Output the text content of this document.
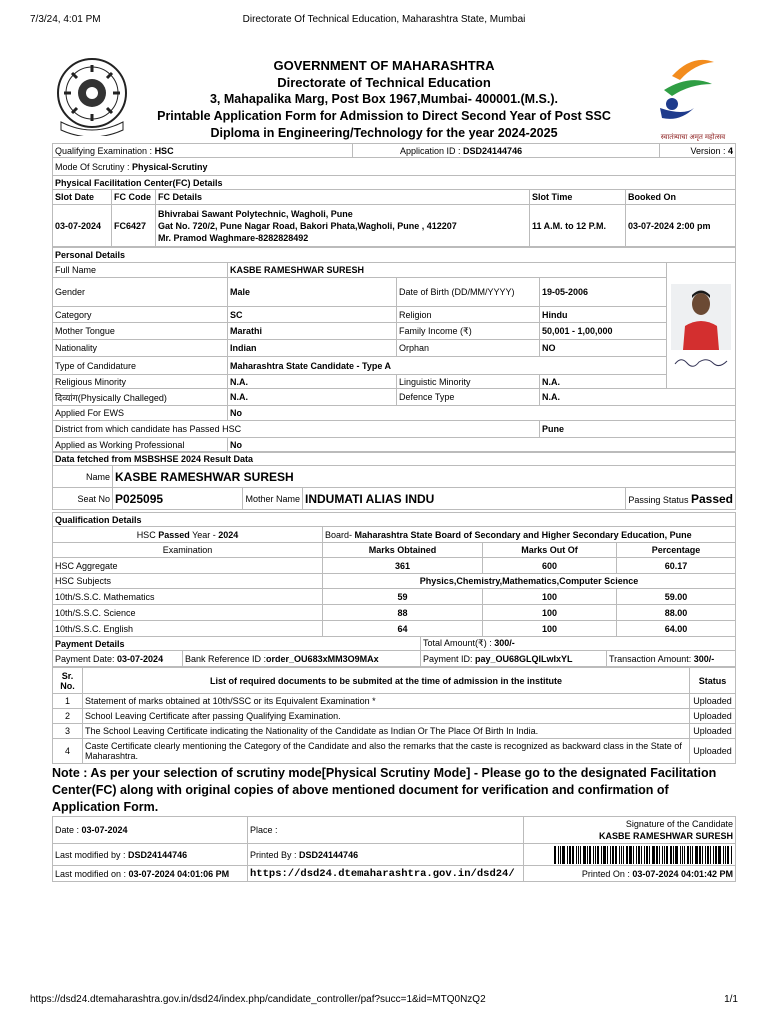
7/3/24, 4:01 PM	Directorate Of Technical Education, Maharashtra State, Mumbai
GOVERNMENT OF MAHARASHTRA
Directorate of Technical Education
3, Mahapalika Marg, Post Box 1967,Mumbai- 400001.(M.S.).
Printable Application Form for Admission to Direct Second Year of Post SSC
Diploma in Engineering/Technology for the year 2024-2025	स्वातंत्र्याचा अमृत महोत्सव
Qualifying Examination : HSC	Application ID : DSD24144746	Version : 4
Mode Of Scrutiny : Physical-Scrutiny
Physical Facilitation Center(FC) Details				
Slot Date	FC Code	FC Details	Slot Time	Booked On
03-07-2024	FC6427	Bhivrabai Sawant Polytechnic, Wagholi, Pune
Gat No. 720/2, Pune Nagar Road, Bakori Phata,Wagholi, Pune , 412207
Mr. Pramod Waghmare-8282828492	11 A.M. to 12 P.M.	03-07-2024 2:00 pm
Personal Details				
Full Name	KASBE RAMESHWAR SURESH	

Gender	Male	Date of Birth (DD/MM/YYYY)	19-05-2006	
Category	SC	Religion	Hindu	
Mother Tongue	Marathi	Family Income (₹)	50,001 - 1,00,000	
Nationality	Indian	Orphan	NO	
Type of Candidature	Maharashtra State Candidate - Type A			
Religious Minority	N.A.	Linguistic Minority	N.A.	
दिव्यांग(Physically Challeged)	N.A.	Defence Type	N.A.	
Applied For EWS	No			
District from which candidate has Passed HSC			Pune	
Applied as Working Professional	No			
Data fetched from MSBSHSE 2024 Result Data				
Name	KASBE RAMESHWAR SURESH			
Seat No	P025095	Mother Name	INDUMATI ALIAS INDU	Passing Status Passed
Qualification Details			
HSC Passed Year - 2024	Board- Maharashtra State Board of Secondary and Higher Secondary Education, Pune		
Examination	Marks Obtained	Marks Out Of	Percentage
HSC Aggregate	361	600	60.17
HSC Subjects	Physics,Chemistry,Mathematics,Computer Science		
10th/S.S.C. Mathematics	59	100	59.00
10th/S.S.C. Science	88	100	88.00
10th/S.S.C. English	64	100	64.00
Payment Details		Total Amount(₹) : 300/-	
Payment Date: 03-07-2024	Bank Reference ID :order_OU683xMM3O9MAx	Payment ID: pay_OU68GLQILwIxYL	Transaction Amount: 300/-
Sr. No.	List of required documents to be submited at the time of admission in the institute	Status
1	Statement of marks obtained at 10th/SSC or its Equivalent Examination *	Uploaded
2	School Leaving Certificate after passing Qualifying Examination.	Uploaded
3	The School Leaving Certificate indicating the Nationality of the Candidate as Indian Or The Place Of Birth In India.	Uploaded
4	Caste Certificate clearly mentioning the Category of the Candidate and also the remarks that the caste is recognized as backward class in the State of Maharashtra.	Uploaded
Note : As per your selection of scrutiny mode[Physical Scrutiny Mode] - Please go to the designated Facilitation Center(FC) along with original copies of above mentioned document for verification and confirmation of Application Form.
Date : 03-07-2024	Place :	Signature of the Candidate
KASBE RAMESHWAR SURESH

Last modified by : DSD24144746	Printed By : DSD24144746	

Last modified on : 03-07-2024 04:01:06 PM	https://dsd24.dtemaharashtra.gov.in/dsd24/	Printed On : 03-07-2024 04:01:42 PM
https://dsd24.dtemaharashtra.gov.in/dsd24/index.php/candidate_controller/paf?succ=1&id=MTQ0NzQ2	1/1
